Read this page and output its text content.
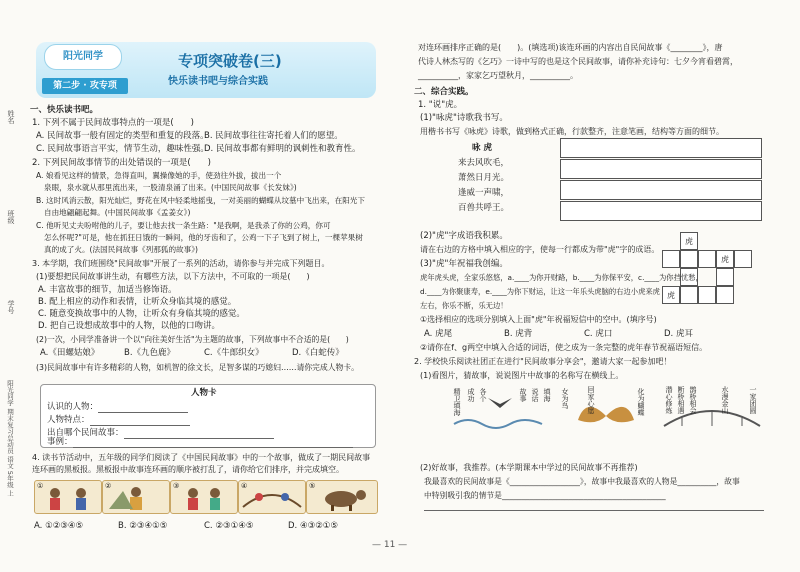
姓名
班级
学号
阳光同学 期末复习总动员 语文 5年级 上
阳光同学
第二步 · 攻专项
专项突破卷(三)
快乐读书吧与综合实践
一、快乐读书吧。
1. 下列不属于民间故事特点的一项是(　　)
A. 民间故事一般有固定的类型和重复的段落。
B. 民间故事往往寄托着人们的愿望。
C. 民间故事语言平实，情节生动，趣味性强。
D. 民间故事都有鲜明的讽刺性和教育性。
2. 下列民间故事情节的出处错误的一项是(　　)
A. 娘看见这样的情景，急得直叫，翼操像她的手，使劲往外拔，拔出一个
泉眼，泉水就从那里流出来，一股清泉涌了出来。(中国民间故事《长发妹》)
B. 这时风消云散，阳光灿烂，野花在风中轻柔地摇曳，一对美丽的蝴蝶从坟墓中飞出来，在阳光下
自由地翩翩起舞。(中国民间故事《孟姜女》)
C. 他听见丈夫吩咐他的儿子，要让他去找一条生路："是我啊，是我杀了你的公鸡，你可
怎么怀呢?"可是，他在抓狂日饿的一瞬间，他的牙齿和了，公鸡一下子飞到了树上，一棵苹果树
真的成了火。(法国民间故事《列那狐的故事》)
3. 本学期，我们班围绕"民间故事"开展了一系列的活动，请你参与并完成下列题目。
(1)要想把民间故事讲生动，有哪些方法，以下方法中，不可取的一项是(　　)
A. 丰富故事的细节，加适当修饰语。
B. 配上相应的动作和表情，让听众身临其境的感觉。
C. 随意变换故事中的人物，让听众有身临其境的感觉。
D. 把自己设想成故事中的人物，以他的口吻讲。
(2)一次，小同学准备讲一个以"向往美好生活"为主题的故事，下列故事中不合适的是(　　)
A.《田螺姑娘》	B.《九色鹿》	C.《牛郎织女》	D.《白蛇传》
(3)民间故事中有许多精彩的人物，如机智的徐文长，足智多谋的巧媳妇……请你完成人物卡。
人物卡
认识的人物：
人物特点：
出自哪个民间故事：
事例：
4. 读书节活动中，五年级的同学们阅读了《中国民间故事》中的一个故事，做成了一期民间故事连环画的黑板报。黑板报中故事连环画的顺序被打乱了，请你给它们排序，并完成填空。
①	②	③	④	⑤
A. ①②③④⑤	B. ②③④①⑤	C. ②③①④⑤	D. ④③②①⑤
对连环画排序正确的是(　　)。(填选项)该连环画的内容出自民间故事《________》，唐
代诗人林杰写的《乞巧》一诗中写的也是这个民间故事，请你补充诗句：七夕今宵看碧霄，
__________，家家乞巧望秋月，__________。
二、综合实践。
1. "说"虎。
(1)"咏虎"诗歌我书写。
用楷书书写《咏虎》诗歌，做到格式正确，行款整齐，注意笔画，结构等方面的细节。
咏 虎
来去风吹毛，
萧然日月光。
逢威一声啸，
百兽共呼王。
(2)"虎"字成语我积累。
请在右边的方格中填入相应的字，使每一行都成为带"虎"字的成语。
(3)"虎"年祝福我创编。
虎
虎
虎
虎年虎头虎，全家乐悠悠，a.____为你开财路，b.____为你保平安，c.____为你挡忧愁，
d.____为你聚康寿，e.____为你下财运，让这一年乐头虎脑的右边小虎来虎
左右，你乐不断，乐无边！
①选择相应的选项分别填入上面"虎"年祝福短信中的空中。(填序号)
A. 虎尾	B. 虎背	C. 虎口	D. 虎耳
②请你在f、g两空中填入合适的词语，使之成为一条完整的虎年春节祝福语短信。
2. 学校快乐阅读社团正在进行"民间故事分享会"，邀请大家一起参加吧！
(1)看图片，猜故事，说说图片中故事的名称写在横线上。
精卫填海 成功 各个	故事 说话 填海 女为鸟	回家心愿	化为蝴蝶	潜心修炼 断桥相遇 鹊桥相会	水漫金山	一家团圆
(2)好故事，我推荐。(本学期课本中学过的民间故事不再推荐)
我最喜欢的民间故事是《__________________》，故事中我最喜欢的人物是__________，故事
中特别吸引我的情节是__________________________________________
— 11 —
